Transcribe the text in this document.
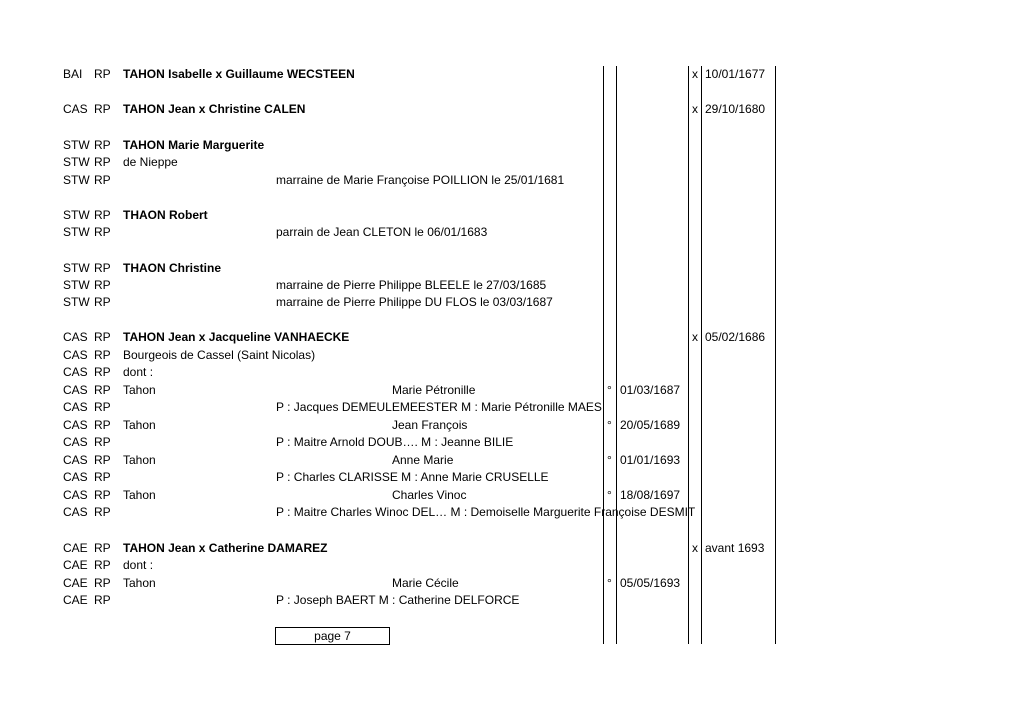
BAI RP TAHON Isabelle x Guillaume WECSTEEN	x 10/01/1677
CAS RP TAHON Jean x Christine CALEN	x 29/10/1680
STW RP TAHON Marie Marguerite
STW RP de Nieppe
STW RP	marraine de Marie Françoise POILLION le 25/01/1681
STW RP THAON Robert
STW RP	parrain de Jean CLETON le 06/01/1683
STW RP THAON Christine
STW RP	marraine de Pierre Philippe BLEELE le 27/03/1685
STW RP	marraine de Pierre Philippe DU FLOS le 03/03/1687
CAS RP TAHON Jean x Jacqueline VANHAECKE	x 05/02/1686
CAS RP Bourgeois de Cassel (Saint Nicolas)
CAS RP dont :
CAS RP Tahon	Marie Pétronille	° 01/03/1687
CAS RP	P : Jacques DEMEULEMEESTER M : Marie Pétronille MAES
CAS RP Tahon	Jean François	° 20/05/1689
CAS RP	P : Maitre Arnold DOUB…. M : Jeanne BILIE
CAS RP Tahon	Anne Marie	° 01/01/1693
CAS RP	P : Charles CLARISSE M : Anne Marie CRUSELLE
CAS RP Tahon	Charles Vinoc	° 18/08/1697
CAS RP	P : Maitre Charles Winoc DEL… M : Demoiselle Marguerite Françoise DESMIT
CAE RP TAHON Jean x Catherine DAMAREZ	x avant 1693
CAE RP dont :
CAE RP Tahon	Marie Cécile	° 05/05/1693
CAE RP	P : Joseph BAERT M : Catherine DELFORCE
page 7
